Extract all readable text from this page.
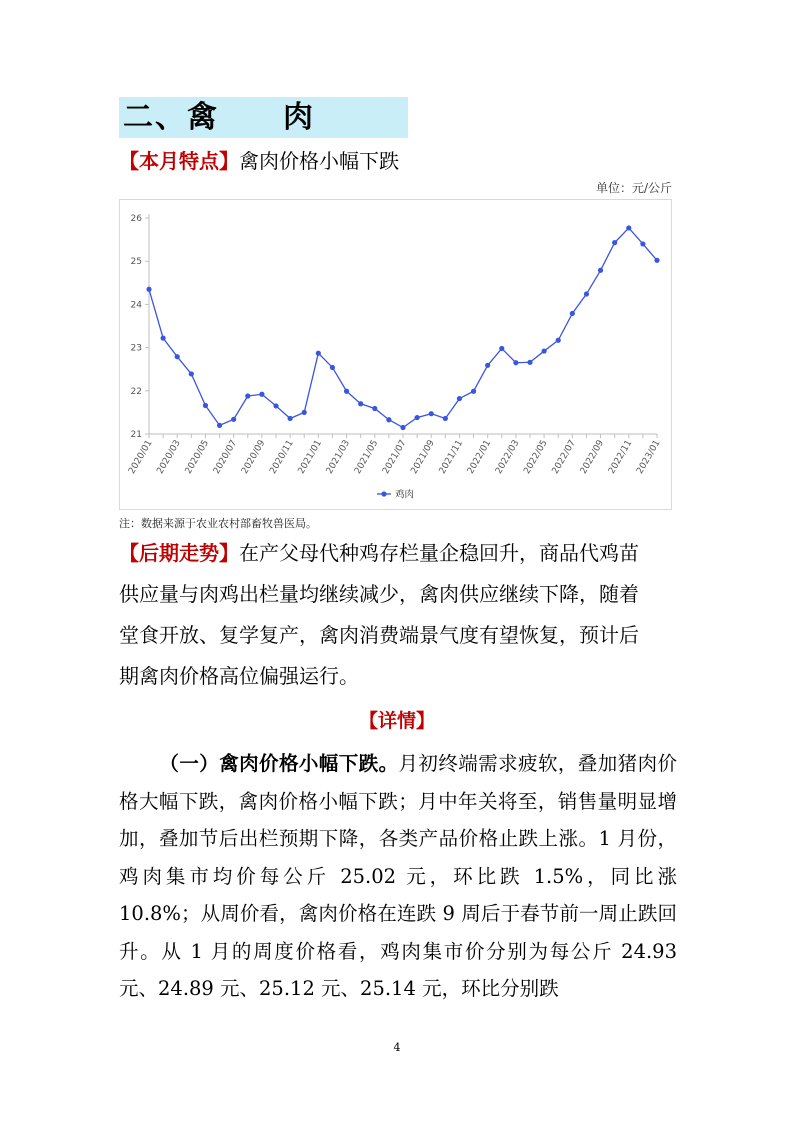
二、禽　　肉
【本月特点】禽肉价格小幅下跌
单位：元/公斤
21
22
23
24
25
26
2020/01 2020/03 2020/05 2020/07 2020/09 2020/11 2021/01 2021/03 2021/05 2021/07 2021/09 2021/11 2022/01 2022/03 2022/05 2022/07 2022/09 2022/11 2023/01
鸡肉
注：数据来源于农业农村部畜牧兽医局。
【后期走势】在产父母代种鸡存栏量企稳回升，商品代鸡苗
供应量与肉鸡出栏量均继续减少，禽肉供应继续下降，随着
堂食开放、复学复产，禽肉消费端景气度有望恢复，预计后
期禽肉价格高位偏强运行。
【详情】
（一）禽肉价格小幅下跌。月初终端需求疲软，叠加猪肉价格大幅下跌，禽肉价格小幅下跌；月中年关将至，销售量明显增加，叠加节后出栏预期下降，各类产品价格止跌上涨。1 月份，鸡肉集市均价每公斤 25.02 元，环比跌 1.5%，同比涨 10.8%；从周价看，禽肉价格在连跌 9 周后于春节前一周止跌回升。从 1 月的周度价格看，鸡肉集市价分别为每公斤 24.93 元、24.89 元、25.12 元、25.14 元，环比分别跌
4
